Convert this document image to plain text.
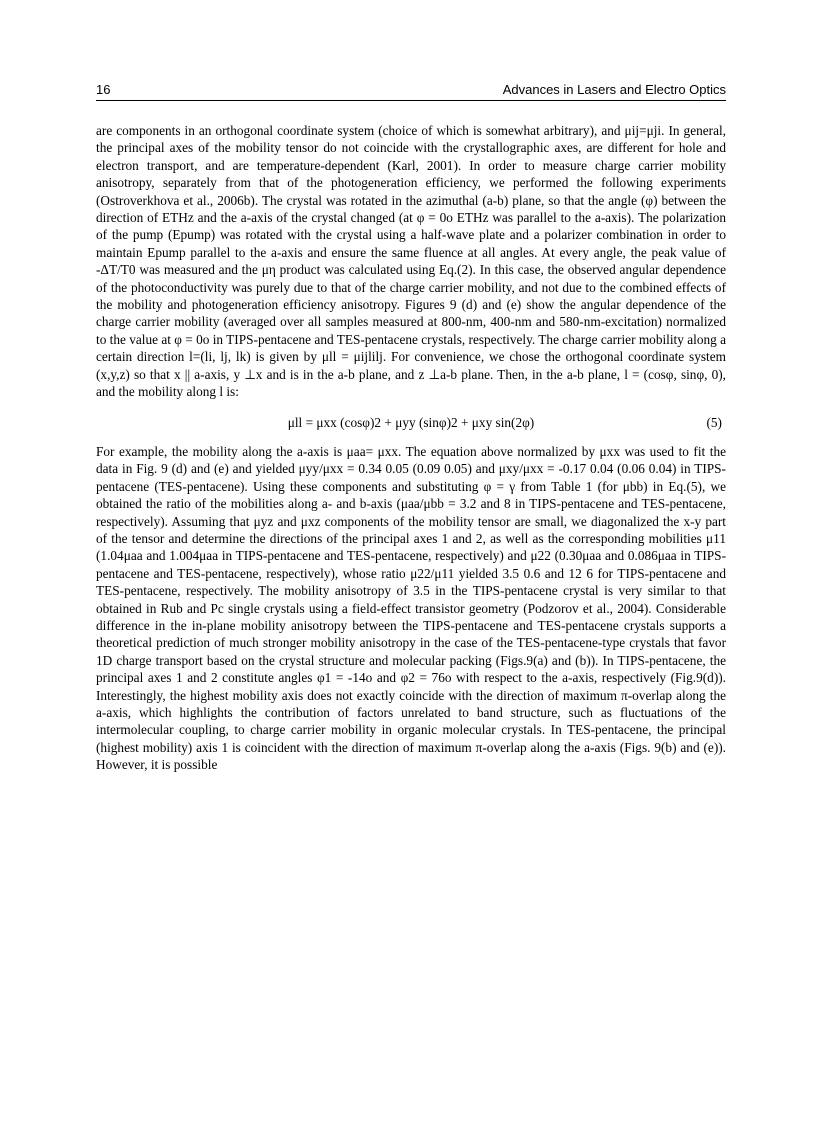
16	Advances in Lasers and Electro Optics

are components in an orthogonal coordinate system (choice of which is somewhat arbitrary), and μij=μji. In general, the principal axes of the mobility tensor do not coincide with the crystallographic axes, are different for hole and electron transport, and are temperature-dependent (Karl, 2001). In order to measure charge carrier mobility anisotropy, separately from that of the photogeneration efficiency, we performed the following experiments (Ostroverkhova et al., 2006b). The crystal was rotated in the azimuthal (a-b) plane, so that the angle (φ) between the direction of ETHz and the a-axis of the crystal changed (at φ = 0o ETHz was parallel to the a-axis). The polarization of the pump (Epump) was rotated with the crystal using a half-wave plate and a polarizer combination in order to maintain Epump parallel to the a-axis and ensure the same fluence at all angles. At every angle, the peak value of -ΔT/T0 was measured and the μη product was calculated using Eq.(2). In this case, the observed angular dependence of the photoconductivity was purely due to that of the charge carrier mobility, and not due to the combined effects of the mobility and photogeneration efficiency anisotropy. Figures 9 (d) and (e) show the angular dependence of the charge carrier mobility (averaged over all samples measured at 800-nm, 400-nm and 580-nm-excitation) normalized to the value at φ = 0o in TIPS-pentacene and TES-pentacene crystals, respectively. The charge carrier mobility along a certain direction l=(li, lj, lk) is given by μll = μijlilj. For convenience, we chose the orthogonal coordinate system (x,y,z) so that x || a-axis, y ⊥x and is in the a-b plane, and z ⊥a-b plane. Then, in the a-b plane, l = (cosφ, sinφ, 0), and the mobility along l is:

μll = μxx (cosφ)2 + μyy (sinφ)2 + μxy sin(2φ)	(5)

For example, the mobility along the a-axis is μaa= μxx. The equation above normalized by μxx was used to fit the data in Fig. 9 (d) and (e) and yielded μyy/μxx = 0.34 0.05 (0.09 0.05) and μxy/μxx = -0.17 0.04 (0.06 0.04) in TIPS-pentacene (TES-pentacene). Using these components and substituting φ = γ from Table 1 (for μbb) in Eq.(5), we obtained the ratio of the mobilities along a- and b-axis (μaa/μbb = 3.2 and 8 in TIPS-pentacene and TES-pentacene, respectively). Assuming that μyz and μxz components of the mobility tensor are small, we diagonalized the x-y part of the tensor and determine the directions of the principal axes 1 and 2, as well as the corresponding mobilities μ11 (1.04μaa and 1.004μaa in TIPS-pentacene and TES-pentacene, respectively) and μ22 (0.30μaa and 0.086μaa in TIPS-pentacene and TES-pentacene, respectively), whose ratio μ22/μ11 yielded 3.5 0.6 and 12 6 for TIPS-pentacene and TES-pentacene, respectively. The mobility anisotropy of 3.5 in the TIPS-pentacene crystal is very similar to that obtained in Rub and Pc single crystals using a field-effect transistor geometry (Podzorov et al., 2004). Considerable difference in the in-plane mobility anisotropy between the TIPS-pentacene and TES-pentacene crystals supports a theoretical prediction of much stronger mobility anisotropy in the case of the TES-pentacene-type crystals that favor 1D charge transport based on the crystal structure and molecular packing (Figs.9(a) and (b)). In TIPS-pentacene, the principal axes 1 and 2 constitute angles φ1 = -14o and φ2 = 76o with respect to the a-axis, respectively (Fig.9(d)). Interestingly, the highest mobility axis does not exactly coincide with the direction of maximum π-overlap along the a-axis, which highlights the contribution of factors unrelated to band structure, such as fluctuations of the intermolecular coupling, to charge carrier mobility in organic molecular crystals. In TES-pentacene, the principal (highest mobility) axis 1 is coincident with the direction of maximum π-overlap along the a-axis (Figs. 9(b) and (e)). However, it is possible
